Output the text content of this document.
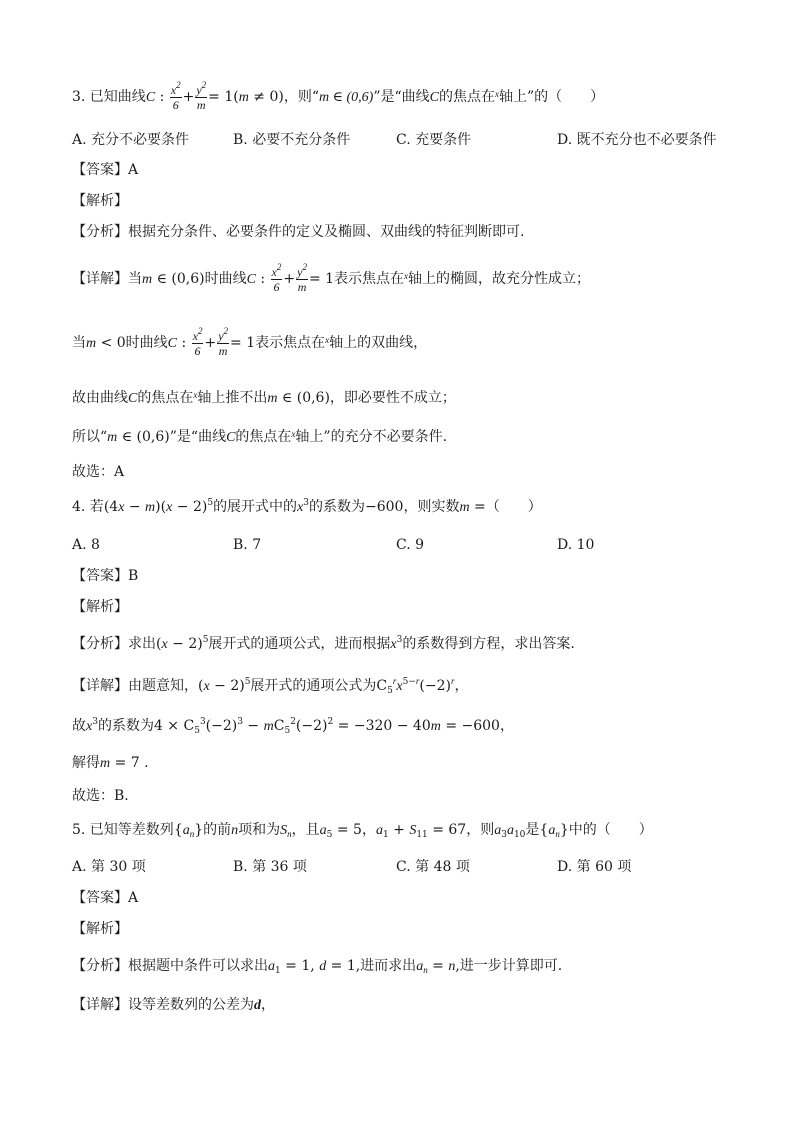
3. 已知曲线C : $\frac{x^2}{6} + \frac{y^2}{m} = 1(m \ne 0)$，则“m ∈ (0,6)”是“曲线C的焦点在$^x$轴上”的（　　）
A. 充分不必要条件	B. 必要不充分条件	C. 充要条件	D. 既不充分也不必要条件
【答案】A
【解析】
【分析】根据充分条件、必要条件的定义及椭圆、双曲线的特征判断即可.
【详解】当m ∈ (0,6)时曲线C : $\frac{x^2}{6} + \frac{y^2}{m} = 1$表示焦点在$^x$轴上的椭圆，故充分性成立；
当m < 0时曲线C : $\frac{x^2}{6} + \frac{y^2}{m} = 1$表示焦点在$^x$轴上的双曲线，
故由曲线C的焦点在$^x$轴上推不出m ∈ (0,6)，即必要性不成立；
所以“m ∈ (0,6)”是“曲线C的焦点在$^x$轴上”的充分不必要条件.
故选：A
4. 若$(4x - m)(x - 2)^5$的展开式中的$x^3$的系数为−600，则实数m =（　　）
A. 8	B. 7	C. 9	D. 10
【答案】B
【解析】
【分析】求出$(x - 2)^5$展开式的通项公式，进而根据$x^3$的系数得到方程，求出答案.
【详解】由题意知，$(x - 2)^5$展开式的通项公式为$C_5^rx^{5-r}(-2)^r$，
故$x^3$的系数为$4 \times C_5^3(-2)^3 - mC_5^2(-2)^2 = -320 - 40m = -600$，
解得m = 7 .
故选：B.
5. 已知等差数列$\{a_n\}$的前n项和为$S_n$，且$a_5 = 5$，$a_1 + S_{11} = 67$，则$a_3a_{10}$是$\{a_n\}$中的（　　）
A. 第 30 项	B. 第 36 项	C. 第 48 项	D. 第 60 项
【答案】A
【解析】
【分析】根据题中条件可以求出$a_1 = 1$, d = 1,进而求出$a_n = n$,进一步计算即可.
【详解】设等差数列的公差为d，
